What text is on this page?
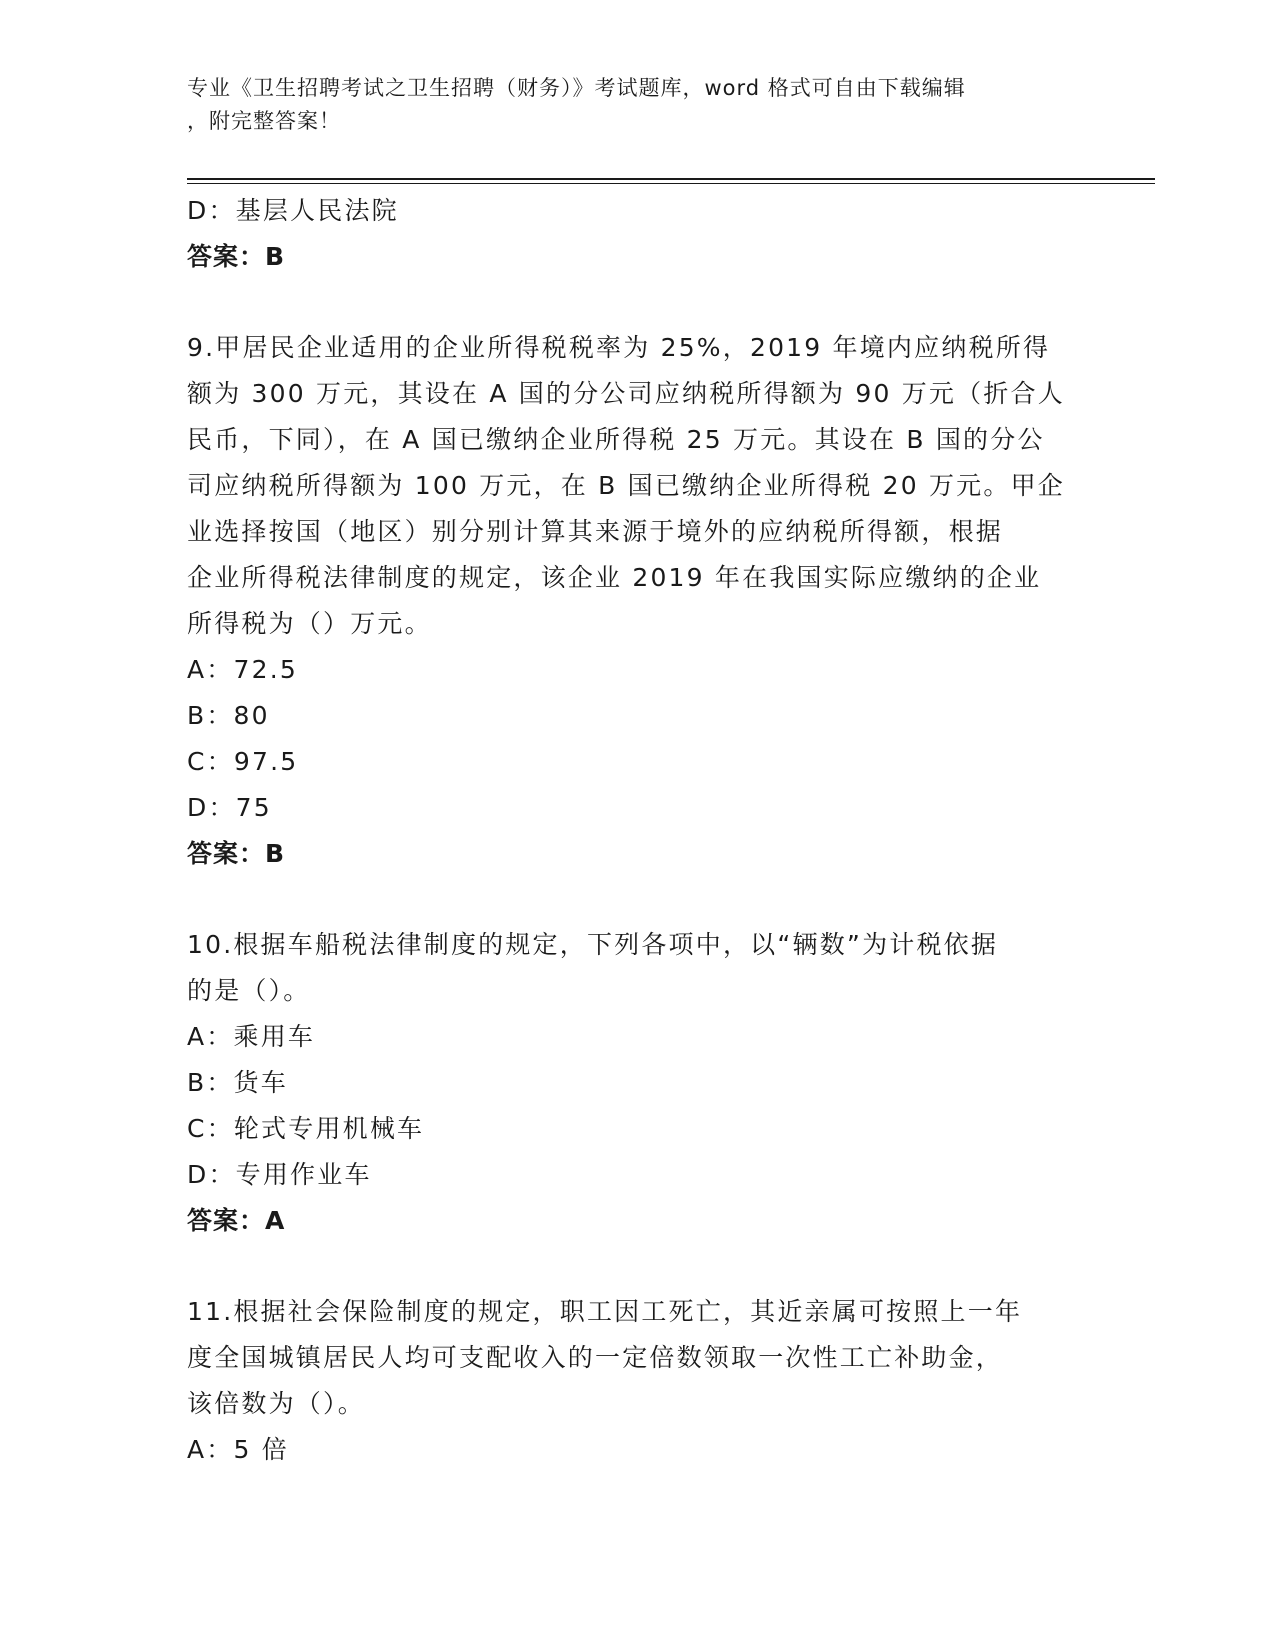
专业《卫生招聘考试之卫生招聘（财务）》考试题库，word 格式可自由下载编辑
，附完整答案！
D：基层人民法院
答案：B
9.甲居民企业适用的企业所得税税率为 25%，2019 年境内应纳税所得
额为 300 万元，其设在 A 国的分公司应纳税所得额为 90 万元（折合人
民币，下同），在 A 国已缴纳企业所得税 25 万元。其设在 B 国的分公
司应纳税所得额为 100 万元，在 B 国已缴纳企业所得税 20 万元。甲企
业选择按国（地区）别分别计算其来源于境外的应纳税所得额，根据
企业所得税法律制度的规定，该企业 2019 年在我国实际应缴纳的企业
所得税为（）万元。
A：72.5
B：80
C：97.5
D：75
答案：B
10.根据车船税法律制度的规定，下列各项中，以“辆数”为计税依据
的是（）。
A：乘用车
B：货车
C：轮式专用机械车
D：专用作业车
答案：A
11.根据社会保险制度的规定，职工因工死亡，其近亲属可按照上一年
度全国城镇居民人均可支配收入的一定倍数领取一次性工亡补助金，
该倍数为（）。
A：5 倍
